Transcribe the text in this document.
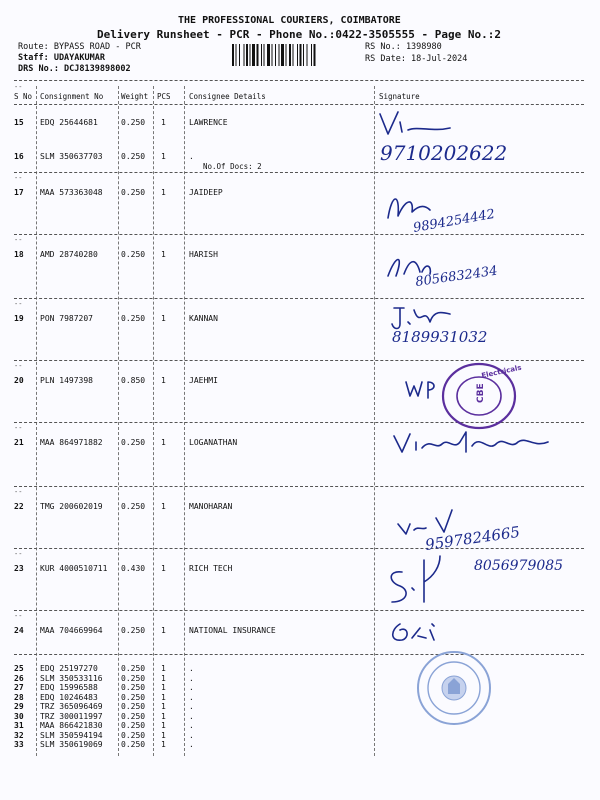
THE PROFESSIONAL COURIERS, COIMBATORE
Delivery Runsheet - PCR - Phone No.:0422-3505555 - Page No.:2
Route: BYPASS ROAD - PCR
Staff: UDAYAKUMAR
DRS No.: DCJ8139898002
RS No.: 1398980
RS Date: 18-Jul-2024
--
S No Consignment No Weight PCS Consignee Details	Signature
15 EDQ 25644681	0.250 1	LAWRENCE
16 SLM 350637703 0.250 1	.
No.Of Docs: 2
17 MAA 573363048 0.250 1	JAIDEEP
--
18 AMD 28740280	0.250 1	HARISH
--
19 PON 7987207	0.250 1	KANNAN
--
20 PLN 1497398	0.850 1	JAEHMI
--
21 MAA 864971882 0.250 1	LOGANATHAN
--
22 TMG 200602019 0.250 1	MANOHARAN
--
23 KUR 4000510711 0.430 1	RICH TECH
--
24 MAA 704669964 0.250 1	NATIONAL INSURANCE
--
25 EDQ 25197270	0.250 1	.
26 SLM 350533116 0.250 1	.
27 EDQ 15996588	0.250 1	.
28 EDQ 10246483	0.250 1	.
29 TRZ 365096469 0.250 1	.
30 TRZ 300011997 0.250 1	.
31 MAA 866421830 0.250 1	.
32 SLM 350594194 0.250 1	.
33 SLM 350619069 0.250 1	.
9710202622
9894254442
8056832434
8189931032
Electricals
CBE
9597824665
8056979085
